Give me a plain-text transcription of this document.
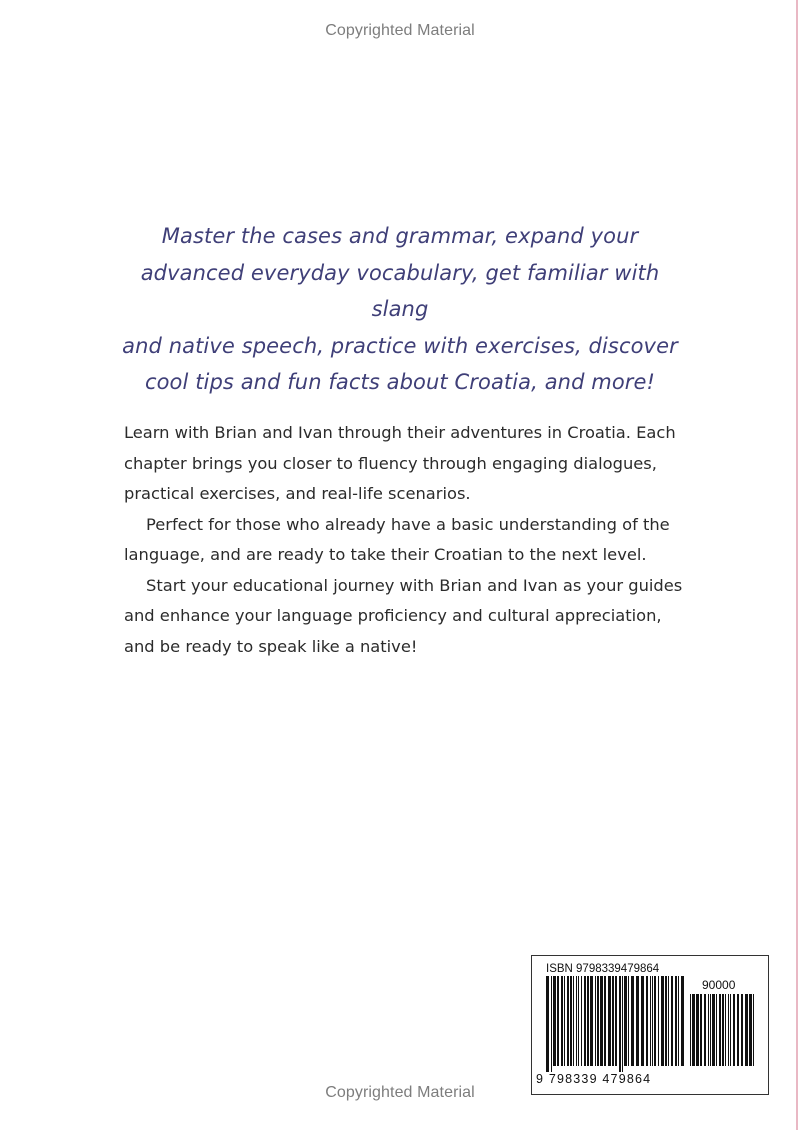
Copyrighted Material
Master the cases and grammar, expand your
advanced everyday vocabulary, get familiar with slang
and native speech, practice with exercises, discover
cool tips and fun facts about Croatia, and more!

Learn with Brian and Ivan through their adventures in Croatia. Each chapter brings you closer to fluency through engaging dialogues, practical exercises, and real-life scenarios.

Perfect for those who already have a basic understanding of the language, and are ready to take their Croatian to the next level.

Start your educational journey with Brian and Ivan as your guides and enhance your language proficiency and cultural appreciation, and be ready to speak like a native!

ISBN 9798339479864
90000
9 798339 479864
Copyrighted Material
